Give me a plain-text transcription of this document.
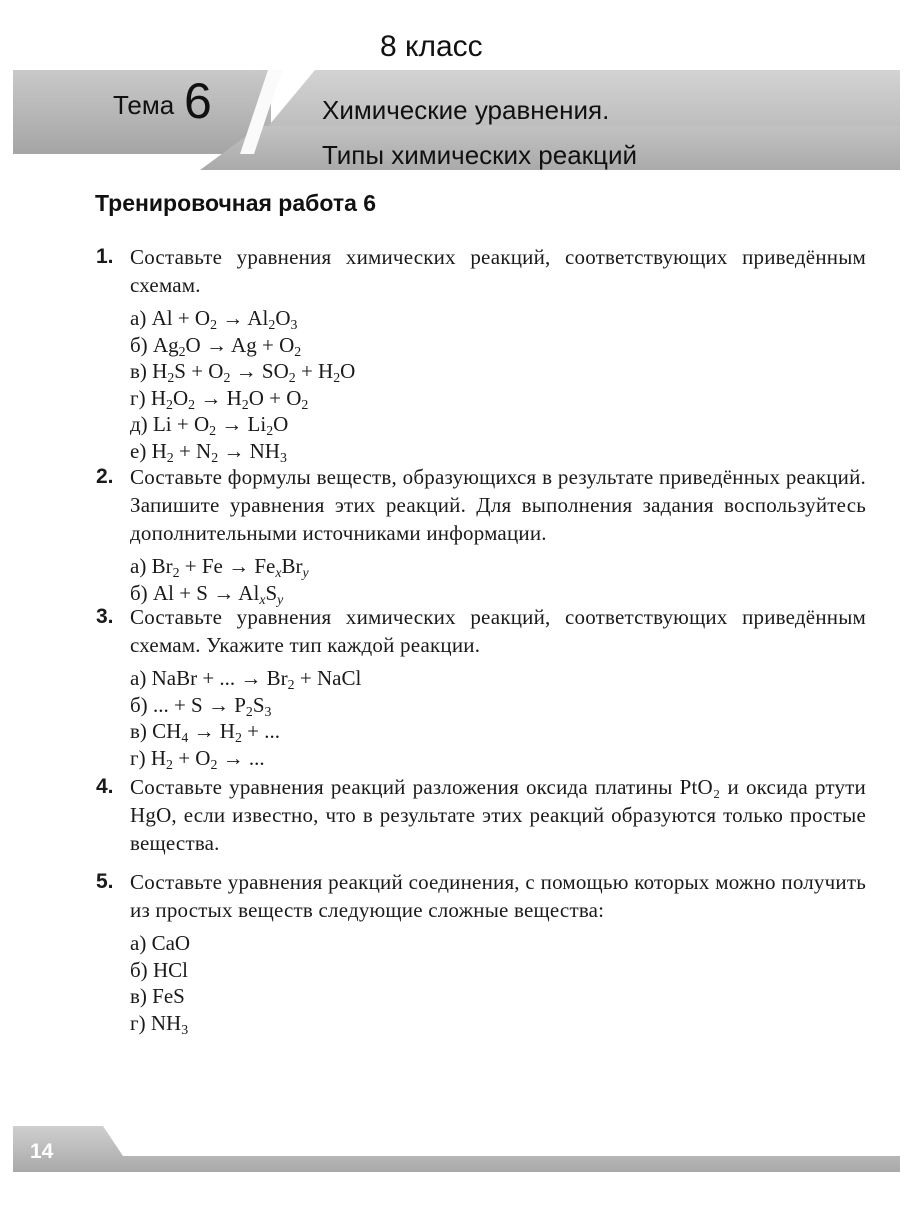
8 класс
Тема 6	Химические уравнения.
Типы химических реакций
Тренировочная работа 6
1. Составьте уравнения химических реакций, соответствующих приведённым схемам.
а) $Al + O_2 \to Al_2O_3$
б) $Ag_2O \to Ag + O_2$
в) $H_2S + O_2 \to SO_2 + H_2O$
г) $H_2O_2 \to H_2O + O_2$
д) $Li + O_2 \to Li_2O$
е) $H_2 + N_2 \to NH_3$
2. Составьте формулы веществ, образующихся в результате приведённых реакций. Запишите уравнения этих реакций. Для выполнения задания воспользуйтесь дополнительными источниками информации.
а) $Br_2 + Fe \to Fe_xBr_y$
б) $Al + S \to Al_xS_y$
3. Составьте уравнения химических реакций, соответствующих приведённым схемам. Укажите тип каждой реакции.
а) NaBr + ... → $Br_2$ + NaCl
б) ... + $S \to P_2S_3$
в) $CH_4 \to H_2$ + ...
г) $H_2 + O_2$ → ...
4. Составьте уравнения реакций разложения оксида платины PtO₂ и оксида ртути HgO, если известно, что в результате этих реакций образуются только простые вещества.
5. Составьте уравнения реакций соединения, с помощью которых можно получить из простых веществ следующие сложные вещества:
а) CaO
б) HCl
в) FeS
г) $NH_3$
14
